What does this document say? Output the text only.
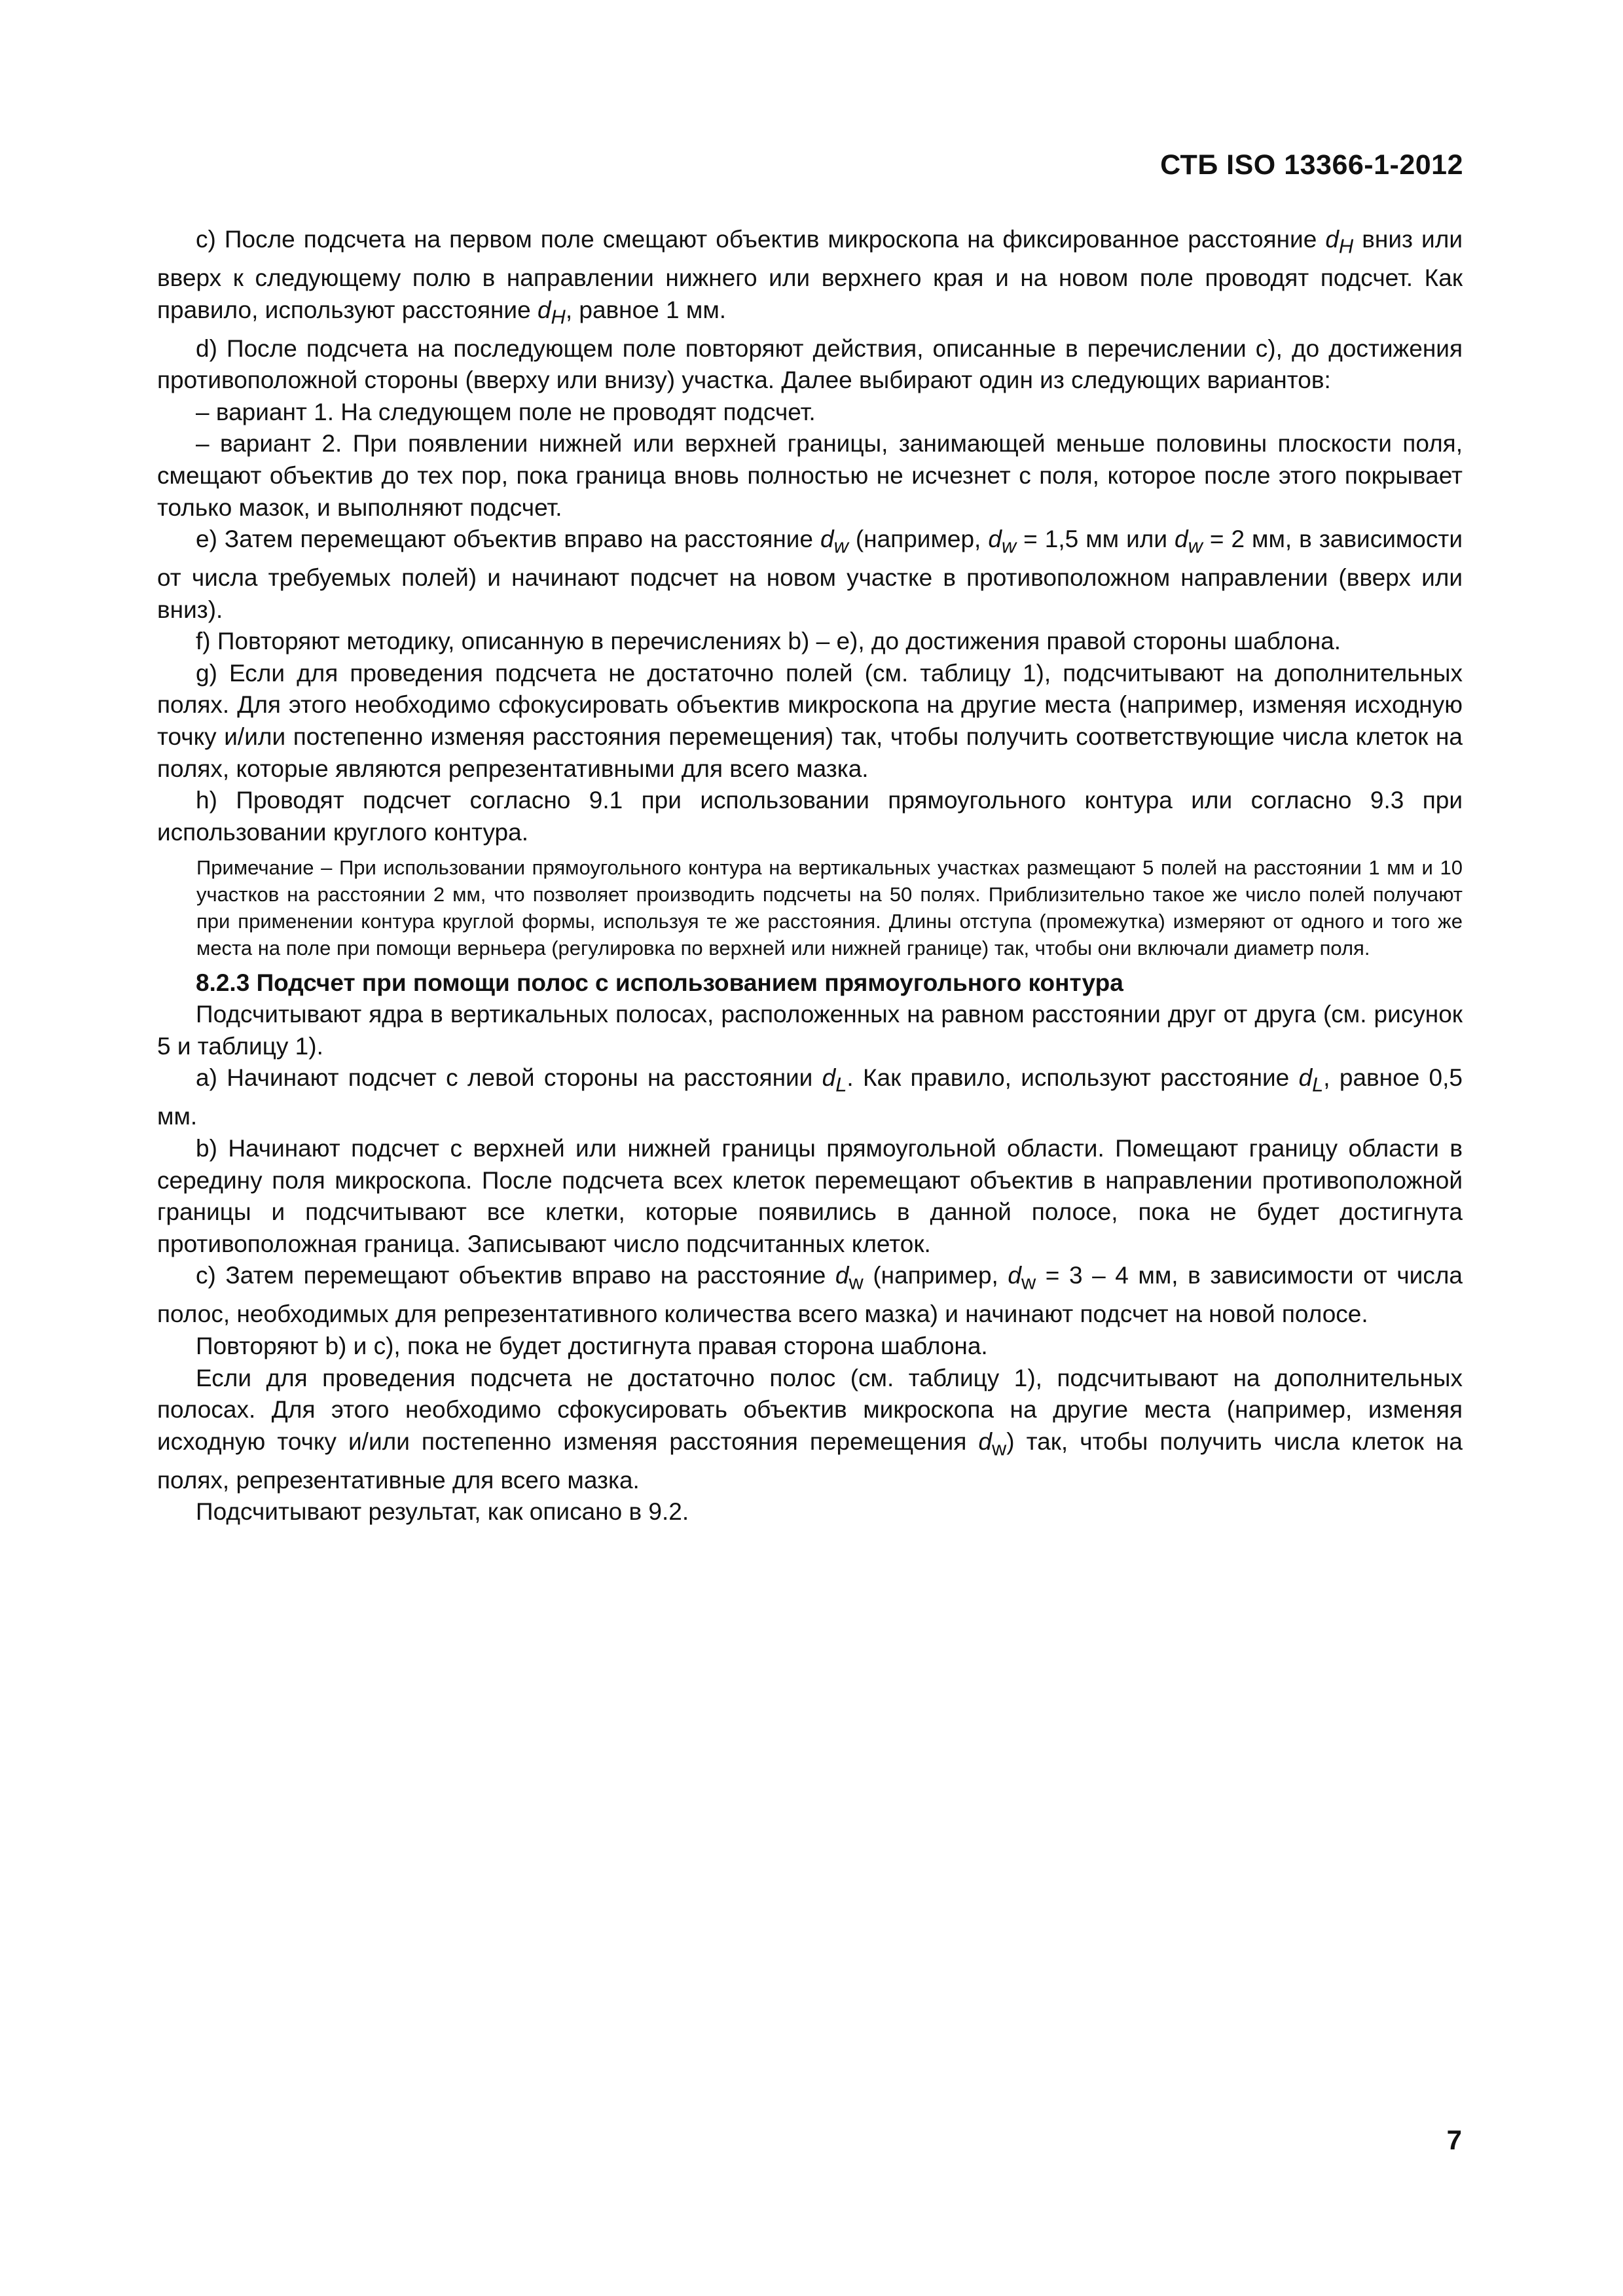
СТБ ISO 13366-1-2012

c) После подсчета на первом поле смещают объектив микроскопа на фиксированное расстояние $d_H$ вниз или вверх к следующему полю в направлении нижнего или верхнего края и на новом поле проводят подсчет. Как правило, используют расстояние $d_H$, равное 1 мм.

d) После подсчета на последующем поле повторяют действия, описанные в перечислении с), до достижения противоположной стороны (вверху или внизу) участка. Далее выбирают один из следующих вариантов:

– вариант 1. На следующем поле не проводят подсчет.

– вариант 2. При появлении нижней или верхней границы, занимающей меньше половины плоскости поля, смещают объектив до тех пор, пока граница вновь полностью не исчезнет с поля, которое после этого покрывает только мазок, и выполняют подсчет.

e) Затем перемещают объектив вправо на расстояние $d_w$ (например, $d_w = 1,5$ мм или $d_w = 2$ мм, в зависимости от числа требуемых полей) и начинают подсчет на новом участке в противоположном направлении (вверх или вниз).

f) Повторяют методику, описанную в перечислениях b) – e), до достижения правой стороны шаблона.

g) Если для проведения подсчета не достаточно полей (см. таблицу 1), подсчитывают на дополнительных полях. Для этого необходимо сфокусировать объектив микроскопа на другие места (например, изменяя исходную точку и/или постепенно изменяя расстояния перемещения) так, чтобы получить соответствующие числа клеток на полях, которые являются репрезентативными для всего мазка.

h) Проводят подсчет согласно 9.1 при использовании прямоугольного контура или согласно 9.3 при использовании круглого контура.

Примечание – При использовании прямоугольного контура на вертикальных участках размещают 5 полей на расстоянии 1 мм и 10 участков на расстоянии 2 мм, что позволяет производить подсчеты на 50 полях. Приблизительно такое же число полей получают при применении контура круглой формы, используя те же расстояния. Длины отступа (промежутка) измеряют от одного и того же места на поле при помощи верньера (регулировка по верхней или нижней границе) так, чтобы они включали диаметр поля.

8.2.3 Подсчет при помощи полос с использованием прямоугольного контура

Подсчитывают ядра в вертикальных полосах, расположенных на равном расстоянии друг от друга (см. рисунок 5 и таблицу 1).

a) Начинают подсчет с левой стороны на расстоянии $d_L$. Как правило, используют расстояние $d_L$, равное 0,5 мм.

b) Начинают подсчет с верхней или нижней границы прямоугольной области. Помещают границу области в середину поля микроскопа. После подсчета всех клеток перемещают объектив в направлении противоположной границы и подсчитывают все клетки, которые появились в данной полосе, пока не будет достигнута противоположная граница. Записывают число подсчитанных клеток.

c) Затем перемещают объектив вправо на расстояние $d_w$ (например, $d_w = 3 - 4$ мм, в зависимости от числа полос, необходимых для репрезентативного количества всего мазка) и начинают подсчет на новой полосе.

Повторяют b) и c), пока не будет достигнута правая сторона шаблона.

Если для проведения подсчета не достаточно полос (см. таблицу 1), подсчитывают на дополнительных полосах. Для этого необходимо сфокусировать объектив микроскопа на другие места (например, изменяя исходную точку и/или постепенно изменяя расстояния перемещения $d_w$) так, чтобы получить числа клеток на полях, репрезентативные для всего мазка.

Подсчитывают результат, как описано в 9.2.

7
